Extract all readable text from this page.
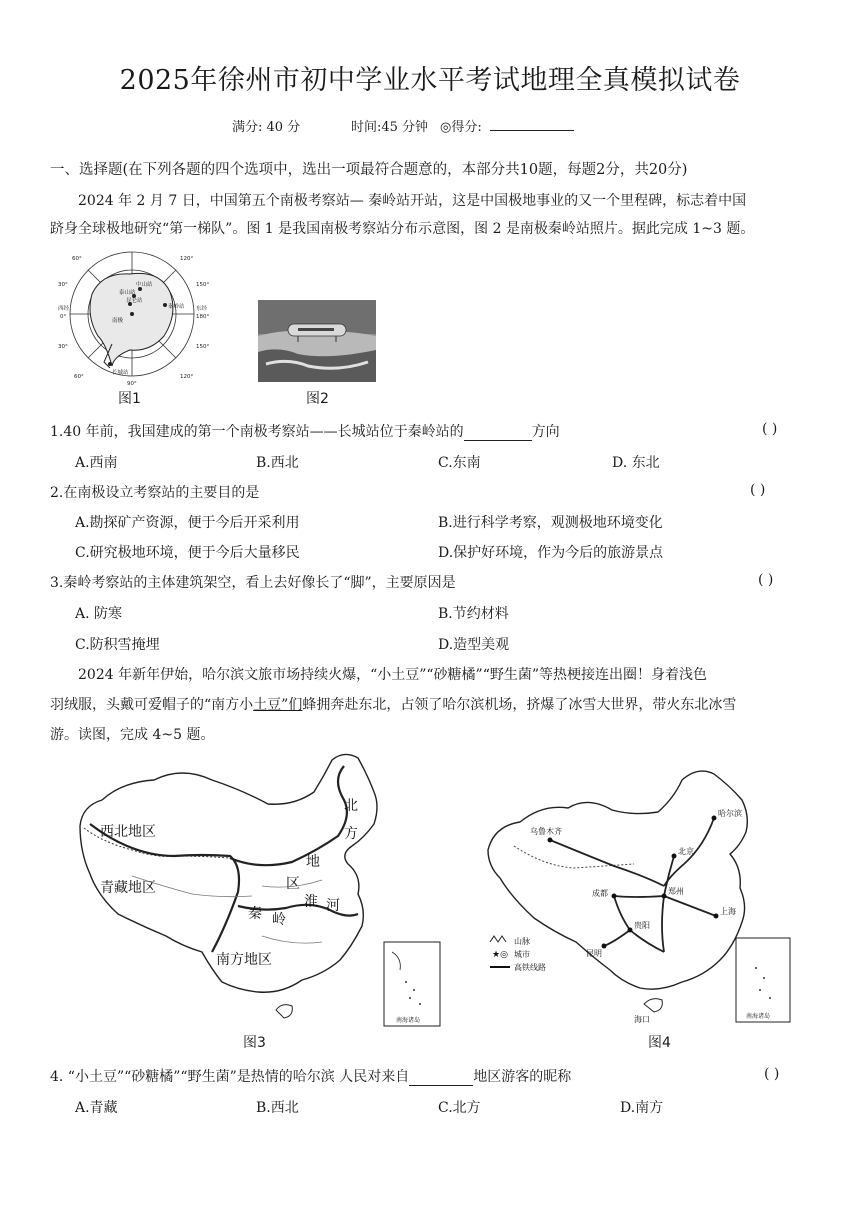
2025年徐州市初中学业水平考试地理全真模拟试卷
满分: 40 分	时间:45 分钟 ◎得分:
一、选择题(在下列各题的四个选项中，选出一项最符合题意的，本部分共10题，每题2分，共20分)
2024 年 2 月 7 日，中国第五个南极考察站— 秦岭站开站，这是中国极地事业的又一个里程碑，标志着中国
跻身全球极地研究“第一梯队”。图 1 是我国南极考察站分布示意图，图 2 是南极秦岭站照片。据此完成 1~3 题。
60°	120°
30°	150°
西经
0°
东经
180°
30°	150°
60°	120°
90°
中山站
泰山站
昆仑站
秦岭站
南极
长城站
图1	图2
1.40 年前，我国建成的第一个南极考察站——长城站位于秦岭站的	方向	( )
A.西南	B.西北	C.东南	D. 东北
2.在南极设立考察站的主要目的是	( )
A.勘探矿产资源，便于今后开采利用	B.进行科学考察，观测极地环境变化
C.研究极地环境，便于今后大量移民	D.保护好环境，作为今后的旅游景点
3.秦岭考察站的主体建筑架空，看上去好像长了“脚”，主要原因是	( )
A. 防寒	B.节约材料
C.防积雪掩埋	D.造型美观
2024 年新年伊始，哈尔滨文旅市场持续火爆，“小土豆”“砂糖橘”“野生菌”等热梗接连出圈！身着浅色
羽绒服，头戴可爱帽子的“南方小土豆”们蜂拥奔赴东北，占领了哈尔滨机场，挤爆了冰雪大世界，带火东北冰雪
游。读图，完成 4~5 题。
西北地区
青藏地区
南方地区
北
方
地
区
秦 岭
淮 河
南海诸岛
图3
乌鲁木齐
哈尔滨
北京
郑州
上海
成都
贵阳
昆明
海口
山脉
★◎ 城市
高铁线路
南海诸岛
图4
4. “小土豆”“砂糖橘”“野生菌”是热情的哈尔滨 人民对来自	地区游客的昵称	( )
A.青藏	B.西北	C.北方	D.南方
